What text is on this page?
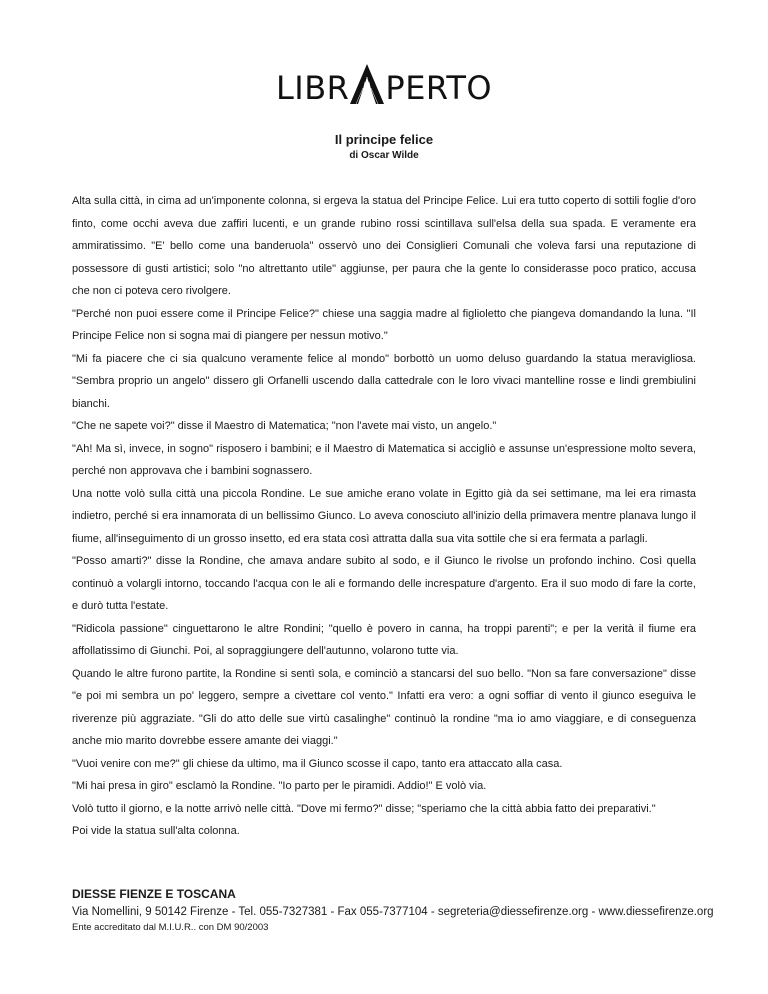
LIBR PERTO

Il principe felice

di Oscar Wilde

Alta sulla città, in cima ad un'imponente colonna, si ergeva la statua del Principe Felice. Lui era tutto coperto di sottili foglie d'oro finto, come occhi aveva due zaffiri lucenti, e un grande rubino rossi scintillava sull'elsa della sua spada. E veramente era ammiratissimo. "E' bello come una banderuola" osservò uno dei Consiglieri Comunali che voleva farsi una reputazione di possessore di gusti artistici; solo "no altrettanto utile" aggiunse, per paura che la gente lo considerasse poco pratico, accusa che non ci poteva cero rivolgere.

"Perché non puoi essere come il Principe Felice?" chiese una saggia madre al figlioletto che piangeva domandando la luna. "Il Principe Felice non si sogna mai di piangere per nessun motivo."

"Mi fa piacere che ci sia qualcuno veramente felice al mondo" borbottò un uomo deluso guardando la statua meravigliosa. "Sembra proprio un angelo" dissero gli Orfanelli uscendo dalla cattedrale con le loro vivaci mantelline rosse e lindi grembiulini bianchi.

"Che ne sapete voi?" disse il Maestro di Matematica; "non l'avete mai visto, un angelo."

"Ah! Ma sì, invece, in sogno" risposero i bambini; e il Maestro di Matematica si accigliò e assunse un'espressione molto severa, perché non approvava che i bambini sognassero.

Una notte volò sulla città una piccola Rondine. Le sue amiche erano volate in Egitto già da sei settimane, ma lei era rimasta indietro, perché si era innamorata di un bellissimo Giunco. Lo aveva conosciuto all'inizio della primavera mentre planava lungo il fiume, all'inseguimento di un grosso insetto, ed era stata così attratta dalla sua vita sottile che si era fermata a parlagli.

"Posso amarti?" disse la Rondine, che amava andare subito al sodo, e il Giunco le rivolse un profondo inchino. Così quella continuò a volargli intorno, toccando l'acqua con le ali e formando delle increspature d'argento. Era il suo modo di fare la corte, e durò tutta l'estate.

"Ridicola passione" cinguettarono le altre Rondini; "quello è povero in canna, ha troppi parenti"; e per la verità il fiume era affollatissimo di Giunchi. Poi, al sopraggiungere dell'autunno, volarono tutte via.

Quando le altre furono partite, la Rondine si sentì sola, e cominciò a stancarsi del suo bello. "Non sa fare conversazione" disse "e poi mi sembra un po' leggero, sempre a civettare col vento." Infatti era vero: a ogni soffiar di vento il giunco eseguiva le riverenze più aggraziate. "Gli do atto delle sue virtù casalinghe" continuò la rondine "ma io amo viaggiare, e di conseguenza anche mio marito dovrebbe essere amante dei viaggi."

"Vuoi venire con me?" gli chiese da ultimo, ma il Giunco scosse il capo, tanto era attaccato alla casa.

"Mi hai presa in giro" esclamò la Rondine. "Io parto per le piramidi. Addio!" E volò via.

Volò tutto il giorno, e la notte arrivò nelle città. "Dove mi fermo?" disse; "speriamo che la città abbia fatto dei preparativi."

Poi vide la statua sull'alta colonna.

DIESSE FIENZE E TOSCANA

Via Nomellini, 9 50142 Firenze - Tel. 055-7327381 - Fax 055-7377104 - segreteria@diessefirenze.org - www.diessefirenze.org

Ente accreditato dal M.I.U.R.. con DM 90/2003
